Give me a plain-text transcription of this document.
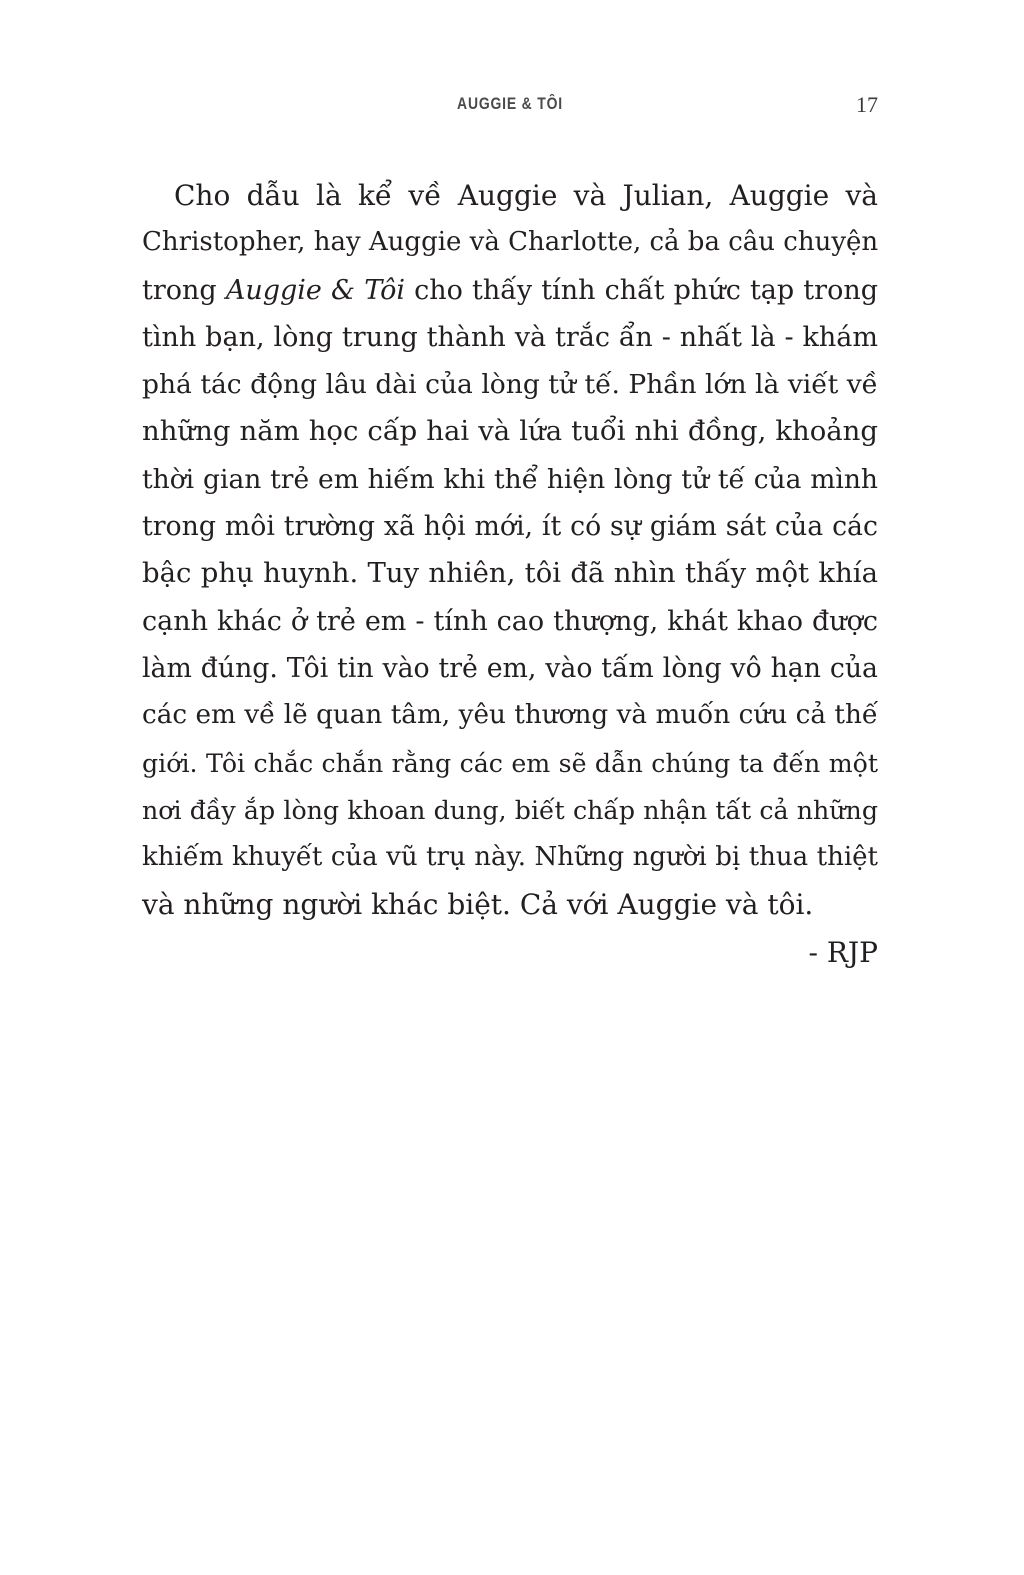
AUGGIE & TÔI	17
Cho dẫu là kể về Auggie và Julian, Auggie và
Christopher, hay Auggie và Charlotte, cả ba câu chuyện
trong Auggie & Tôi cho thấy tính chất phức tạp trong
tình bạn, lòng trung thành và trắc ẩn - nhất là - khám
phá tác động lâu dài của lòng tử tế. Phần lớn là viết về
những năm học cấp hai và lứa tuổi nhi đồng, khoảng
thời gian trẻ em hiếm khi thể hiện lòng tử tế của mình
trong môi trường xã hội mới, ít có sự giám sát của các
bậc phụ huynh. Tuy nhiên, tôi đã nhìn thấy một khía
cạnh khác ở trẻ em - tính cao thượng, khát khao được
làm đúng. Tôi tin vào trẻ em, vào tấm lòng vô hạn của
các em về lẽ quan tâm, yêu thương và muốn cứu cả thế
giới. Tôi chắc chắn rằng các em sẽ dẫn chúng ta đến một
nơi đầy ắp lòng khoan dung, biết chấp nhận tất cả những
khiếm khuyết của vũ trụ này. Những người bị thua thiệt
và những người khác biệt. Cả với Auggie và tôi.
- RJP
